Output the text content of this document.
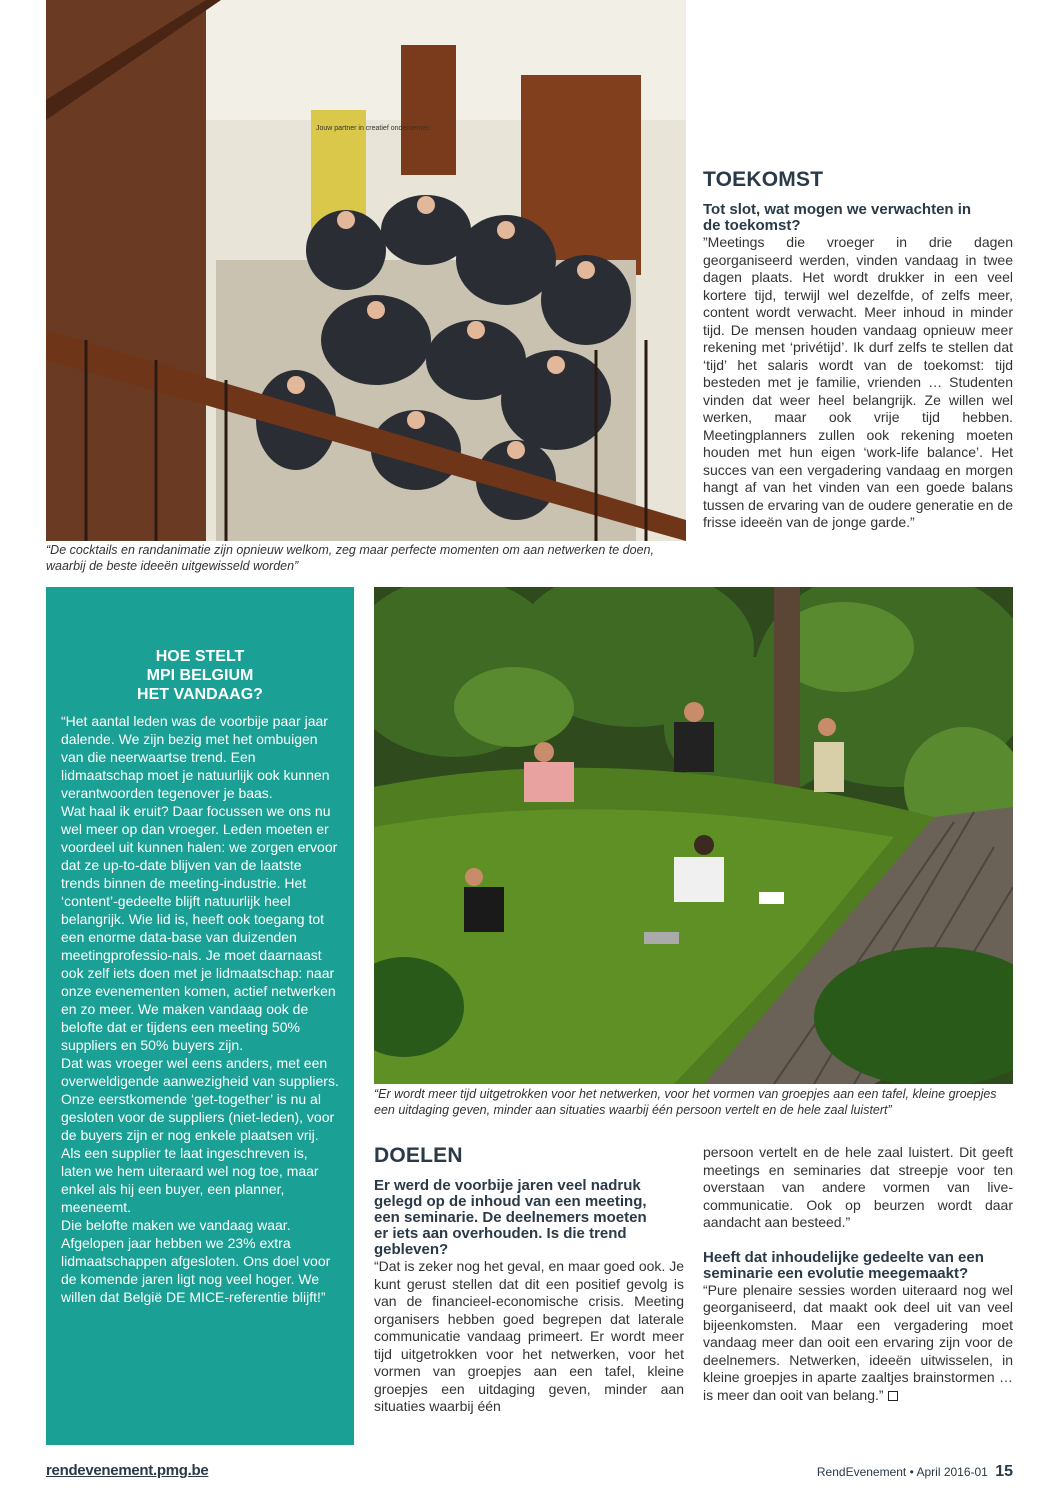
Jouw partner in creatief ondernemen
“De cocktails en randanimatie zijn opnieuw welkom, zeg maar perfecte momenten om aan netwerken te doen, waarbij de beste ideeën uitgewisseld worden”
TOEKOMST

Tot slot, wat mogen we verwachten in de toekomst?

”Meetings die vroeger in drie dagen georganiseerd werden, vinden vandaag in twee dagen plaats. Het wordt drukker in een veel kortere tijd, terwijl wel dezelfde, of zelfs meer, content wordt verwacht. Meer inhoud in minder tijd. De mensen houden vandaag opnieuw meer rekening met ‘privétijd’. Ik durf zelfs te stellen dat ‘tijd’ het salaris wordt van de toekomst: tijd besteden met je familie, vrienden … Studenten vinden dat weer heel belangrijk. Ze willen wel werken, maar ook vrije tijd hebben. Meetingplanners zullen ook rekening moeten houden met hun eigen ‘work-life balance’. Het succes van een vergadering vandaag en morgen hangt af van het vinden van een goede balans tussen de ervaring van de oudere generatie en de frisse ideeën van de jonge garde.”

HOE STELT
MPI BELGIUM
HET VANDAAG?
“Het aantal leden was de voorbije paar jaar dalende. We zijn bezig met het ombuigen van die neerwaartse trend. Een lidmaatschap moet je natuurlijk ook kunnen verantwoorden tegenover je baas.
Wat haal ik eruit? Daar focussen we ons nu wel meer op dan vroeger. Leden moeten er voordeel uit kunnen halen: we zorgen ervoor dat ze up-to-date blijven van de laatste trends binnen de meeting-industrie. Het ‘content’-gedeelte blijft natuurlijk heel belangrijk. Wie lid is, heeft ook toegang tot een enorme data-base van duizenden meetingprofessio-nals. Je moet daarnaast ook zelf iets doen met je lidmaatschap: naar onze evenementen komen, actief netwerken en zo meer. We maken vandaag ook de belofte dat er tijdens een meeting 50% suppliers en 50% buyers zijn.
Dat was vroeger wel eens anders, met een overweldigende aanwezigheid van suppliers. Onze eerstkomende ‘get-together’ is nu al gesloten voor de suppliers (niet-leden), voor de buyers zijn er nog enkele plaatsen vrij. Als een supplier te laat ingeschreven is, laten we hem uiteraard wel nog toe, maar enkel als hij een buyer, een planner, meeneemt.
Die belofte maken we vandaag waar. Afgelopen jaar hebben we 23% extra lidmaatschappen afgesloten. Ons doel voor de komende jaren ligt nog veel hoger. We willen dat België DE MICE-referentie blijft!”
“Er wordt meer tijd uitgetrokken voor het netwerken, voor het vormen van groepjes aan een tafel, kleine groepjes een uitdaging geven, minder aan situaties waarbij één persoon vertelt en de hele zaal luistert”
DOELEN

Er werd de voorbije jaren veel nadruk gelegd op de inhoud van een meeting, een seminarie. De deelnemers moeten er iets aan overhouden. Is die trend gebleven?

“Dat is zeker nog het geval, en maar goed ook. Je kunt gerust stellen dat dit een positief gevolg is van de financieel-economische crisis. Meeting organisers hebben goed begrepen dat laterale communicatie vandaag primeert. Er wordt meer tijd uitgetrokken voor het netwerken, voor het vormen van groepjes aan een tafel, kleine groepjes een uitdaging geven, minder aan situaties waarbij één

persoon vertelt en de hele zaal luistert. Dit geeft meetings en seminaries dat streepje voor ten overstaan van andere vormen van live-communicatie. Ook op beurzen wordt daar aandacht aan besteed.”

Heeft dat inhoudelijke gedeelte van een seminarie een evolutie meegemaakt?

“Pure plenaire sessies worden uiteraard nog wel georganiseerd, dat maakt ook deel uit van veel bijeenkomsten. Maar een vergadering moet vandaag meer dan ooit een ervaring zijn voor de deelnemers. Netwerken, ideeën uitwisselen, in kleine groepjes in aparte zaaltjes brainstormen … is meer dan ooit van belang.”

rendevenement.pmg.be	RendEvenement • April 2016-01 15
